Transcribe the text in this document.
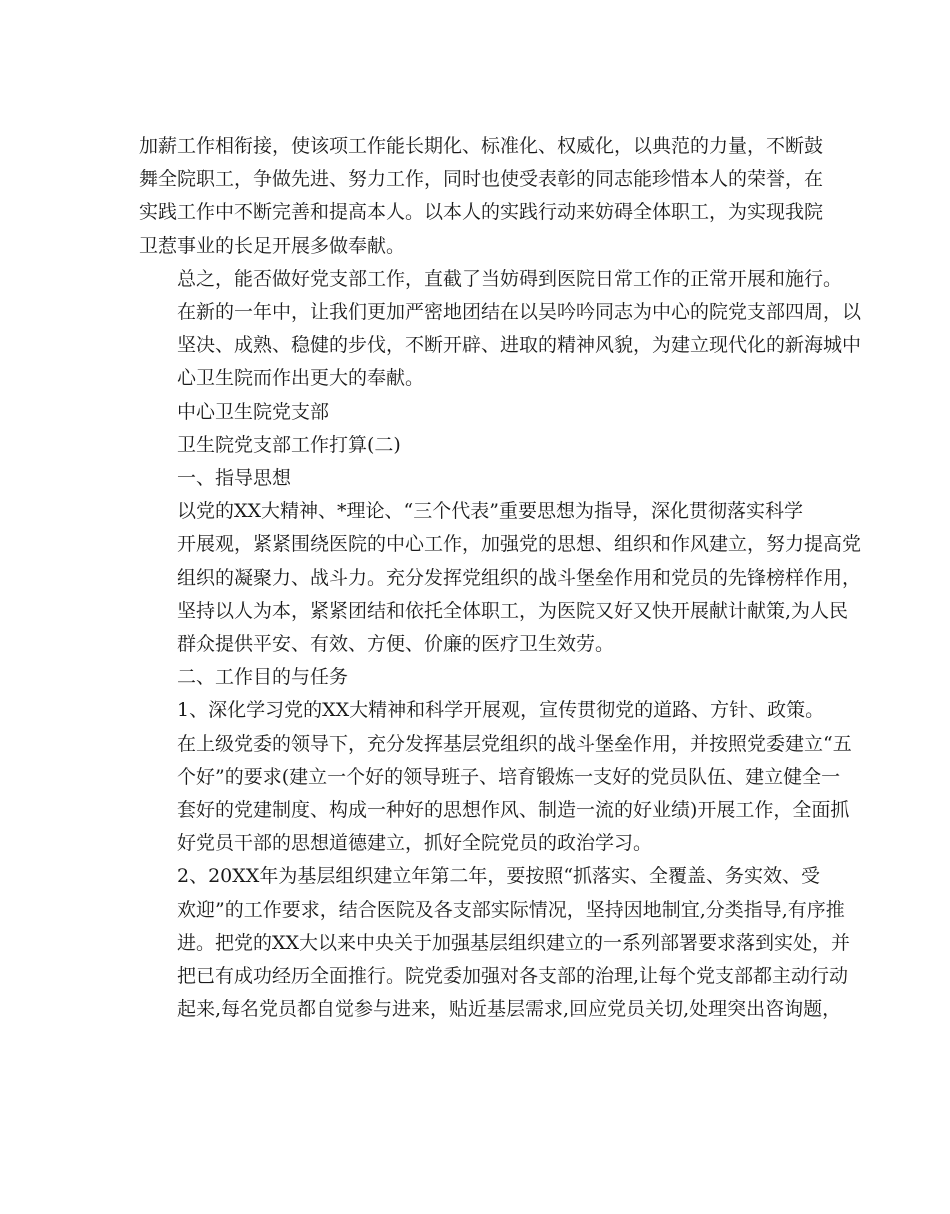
加薪工作相衔接，使该项工作能长期化、标准化、权威化，以典范的力量，不断鼓
舞全院职工，争做先进、努力工作，同时也使受表彰的同志能珍惜本人的荣誉，在
实践工作中不断完善和提高本人。以本人的实践行动来妨碍全体职工，为实现我院
卫惹事业的长足开展多做奉献。
总之，能否做好党支部工作，直截了当妨碍到医院日常工作的正常开展和施行。
在新的一年中，让我们更加严密地团结在以吴吟吟同志为中心的院党支部四周，以
坚决、成熟、稳健的步伐，不断开辟、进取的精神风貌，为建立现代化的新海城中
心卫生院而作出更大的奉献。
中心卫生院党支部
卫生院党支部工作打算(二)
一、指导思想
以党的XX大精神、*理论、“三个代表”重要思想为指导，深化贯彻落实科学
开展观，紧紧围绕医院的中心工作，加强党的思想、组织和作风建立，努力提高党
组织的凝聚力、战斗力。充分发挥党组织的战斗堡垒作用和党员的先锋榜样作用，
坚持以人为本，紧紧团结和依托全体职工，为医院又好又快开展献计献策,为人民
群众提供平安、有效、方便、价廉的医疗卫生效劳。
二、工作目的与任务
1、深化学习党的XX大精神和科学开展观，宣传贯彻党的道路、方针、政策。
在上级党委的领导下，充分发挥基层党组织的战斗堡垒作用，并按照党委建立“五
个好”的要求(建立一个好的领导班子、培育锻炼一支好的党员队伍、建立健全一
套好的党建制度、构成一种好的思想作风、制造一流的好业绩)开展工作，全面抓
好党员干部的思想道德建立，抓好全院党员的政治学习。
2、20XX年为基层组织建立年第二年，要按照“抓落实、全覆盖、务实效、受
欢迎”的工作要求，结合医院及各支部实际情况，坚持因地制宜,分类指导,有序推
进。把党的XX大以来中央关于加强基层组织建立的一系列部署要求落到实处，并
把已有成功经历全面推行。院党委加强对各支部的治理,让每个党支部都主动行动
起来,每名党员都自觉参与进来，贴近基层需求,回应党员关切,处理突出咨询题，
